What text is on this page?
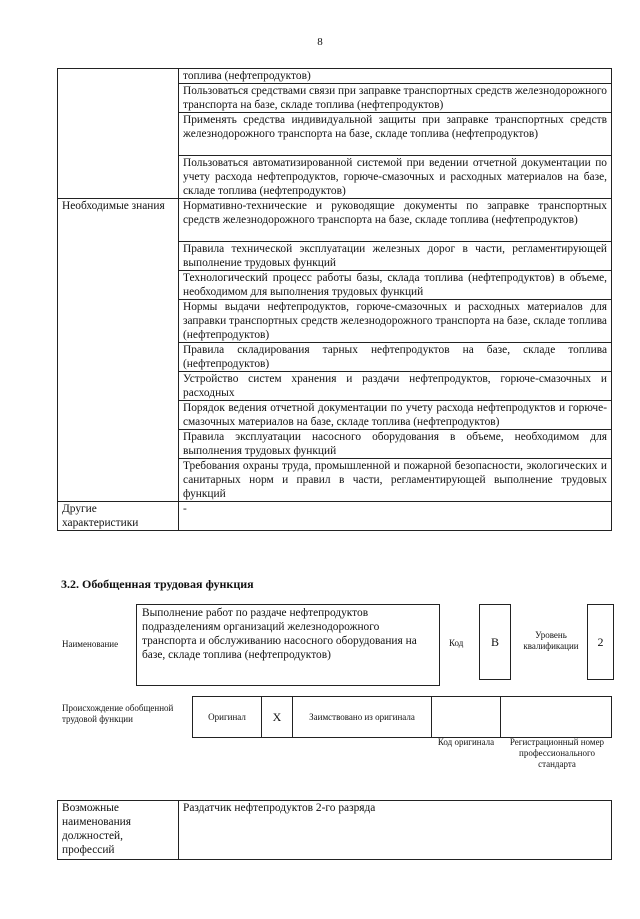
8
	топлива (нефтепродуктов)
	Пользоваться средствами связи при заправке транспортных средств железнодорожного транспорта на базе, складе топлива (нефтепродуктов)
	Применять средства индивидуальной защиты при заправке транспортных средств железнодорожного транспорта на базе, складе топлива (нефтепродуктов)
	Пользоваться автоматизированной системой при ведении отчетной документации по учету расхода нефтепродуктов, горюче-смазочных и расходных материалов на базе, складе топлива (нефтепродуктов)
Необходимые знания	Нормативно-технические и руководящие документы по заправке транспортных средств железнодорожного транспорта на базе, складе топлива (нефтепродуктов)
	Правила технической эксплуатации железных дорог в части, регламентирующей выполнение трудовых функций
	Технологический процесс работы базы, склада топлива (нефтепродуктов) в объеме, необходимом для выполнения трудовых функций
	Нормы выдачи нефтепродуктов, горюче-смазочных и расходных материалов для заправки транспортных средств железнодорожного транспорта на базе, складе топлива (нефтепродуктов)
	Правила складирования тарных нефтепродуктов на базе, складе топлива (нефтепродуктов)
	Устройство систем хранения и раздачи нефтепродуктов, горюче-смазочных и расходных
	Порядок ведения отчетной документации по учету расхода нефтепродуктов и горюче-смазочных материалов на базе, складе топлива (нефтепродуктов)
	Правила эксплуатации насосного оборудования в объеме, необходимом для выполнения трудовых функций
	Требования охраны труда, промышленной и пожарной безопасности, экологических и санитарных норм и правил в части, регламентирующей выполнение трудовых функций
Другие характеристики	-
3.2. Обобщенная трудовая функция
Наименование
Выполнение работ по раздаче нефтепродуктов подразделениям организаций железнодорожного транспорта и обслуживанию насосного оборудования на базе, складе топлива (нефтепродуктов)
Код	B	Уровень квалификации	2
Происхождение обобщенной трудовой функции	Оригинал	X	Заимствовано из оригинала		
Код оригинала	Регистрационный номер профессионального стандарта
Возможные наименования должностей, профессий	Раздатчик нефтепродуктов 2-го разряда
